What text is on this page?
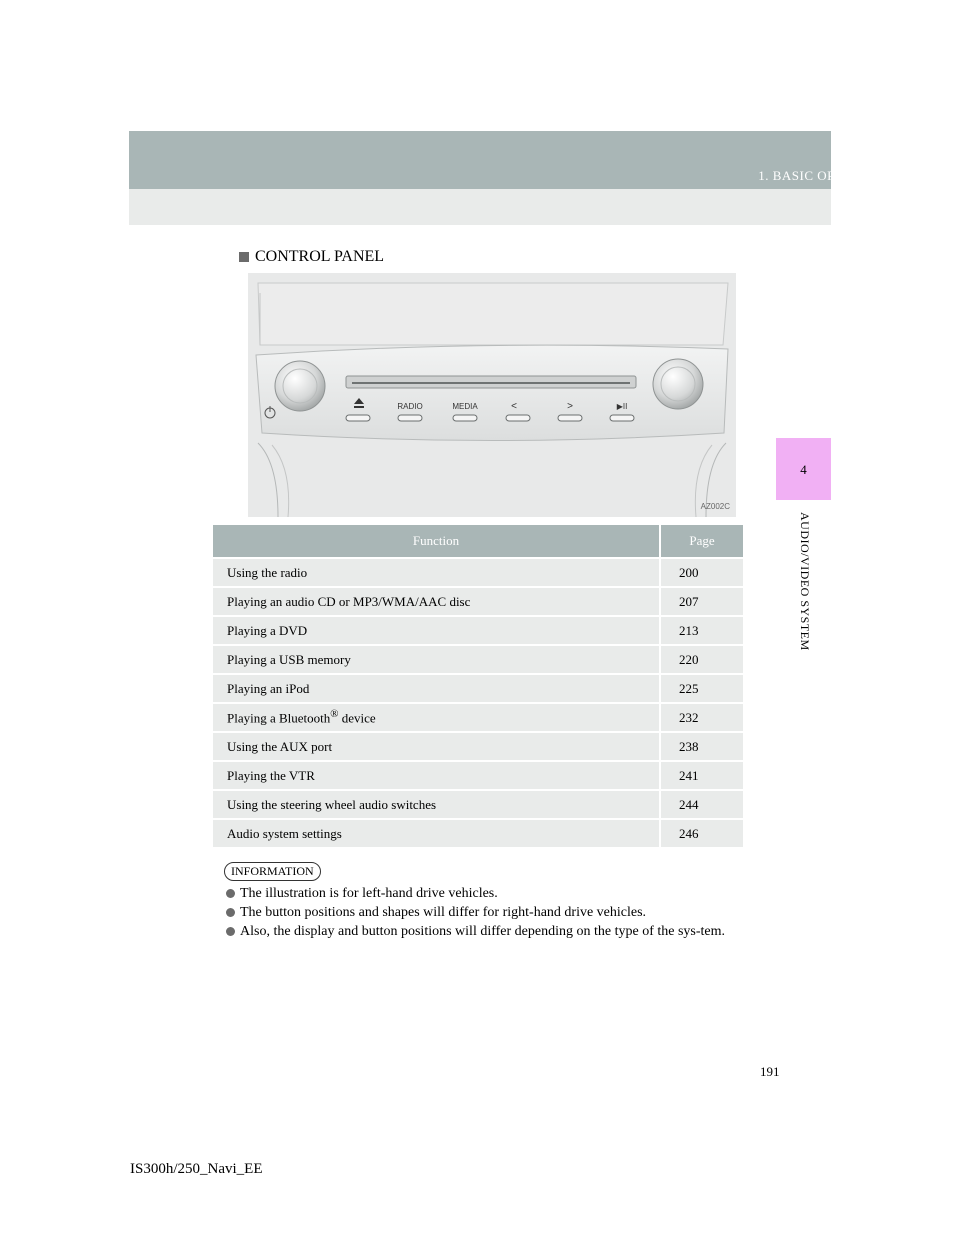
1. BASIC OPERATION
4
AUDIO/VIDEO SYSTEM
CONTROL PANEL
RADIO	MEDIA	<	>	▶II
AZ002C
Function	Page
Using the radio	200
Playing an audio CD or MP3/WMA/AAC disc	207
Playing a DVD	213
Playing a USB memory	220
Playing an iPod	225
Playing a Bluetooth® device	232
Using the AUX port	238
Playing the VTR	241
Using the steering wheel audio switches	244
Audio system settings	246
INFORMATION
The illustration is for left-hand drive vehicles.
The button positions and shapes will differ for right-hand drive vehicles.
Also, the display and button positions will differ depending on the type of the sys-tem.
191
IS300h/250_Navi_EE
